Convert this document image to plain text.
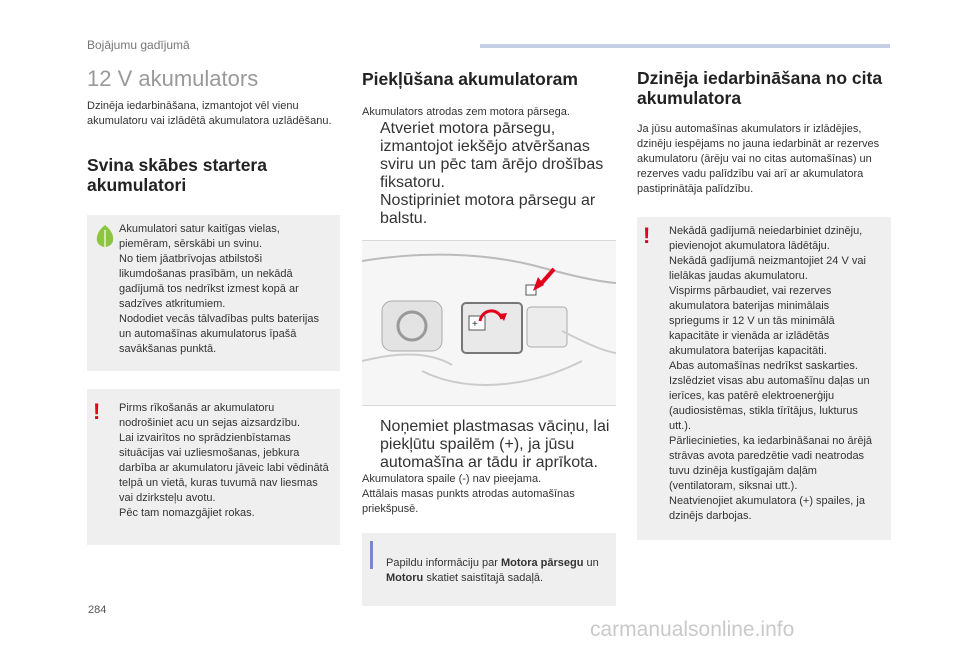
Bojājumu gadījumā
12 V akumulators

Dzinēja iedarbināšana, izmantojot vēl vienu akumulatoru vai izlādētā akumulatora uzlādēšanu.

Svina skābes startera akumulatori
Akumulatori satur kaitīgas vielas, piemēram, sērskābi un svinu.
No tiem jāatbrīvojas atbilstoši likumdošanas prasībām, un nekādā gadījumā tos nedrīkst izmest kopā ar sadzīves atkritumiem.
Nododiet vecās tālvadības pults baterijas un automašīnas akumulatorus īpašā savākšanas punktā.
!	Pirms rīkošanās ar akumulatoru nodrošiniet acu un sejas aizsardzību.
Lai izvairītos no sprādzienbīstamas situācijas vai uzliesmošanas, jebkura darbība ar akumulatoru jāveic labi vēdinātā telpā un vietā, kuras tuvumā nav liesmas vai dzirksteļu avotu.
Pēc tam nomazgājiet rokas.
Piekļūšana akumulatoram

Akumulators atrodas zem motora pārsega.

Atveriet motora pārsegu, izmantojot iekšējo atvēršanas sviru un pēc tam ārējo drošības fiksatoru.
Nostipriniet motora pārsegu ar balstu.
+
Noņemiet plastmasas vāciņu, lai piekļūtu spailēm (+), ja jūsu automašīna ar tādu ir aprīkota.

Akumulatora spaile (-) nav pieejama.

Attālais masas punkts atrodas automašīnas priekšpusē.

Papildu informāciju par Motora pārsegu un Motoru skatiet saistītajā sadaļā.

Dzinēja iedarbināšana no cita akumulatora

Ja jūsu automašīnas akumulators ir izlādējies, dzinēju iespējams no jauna iedarbināt ar rezerves akumulatoru (ārēju vai no citas automašīnas) un rezerves vadu palīdzību vai arī ar akumulatora pastiprinātāja palīdzību.

!	Nekādā gadījumā neiedarbiniet dzinēju, pievienojot akumulatora lādētāju.
Nekādā gadījumā neizmantojiet 24 V vai lielākas jaudas akumulatoru.
Vispirms pārbaudiet, vai rezerves akumulatora baterijas minimālais spriegums ir 12 V un tās minimālā kapacitāte ir vienāda ar izlādētās akumulatora baterijas kapacitāti.
Abas automašīnas nedrīkst saskarties.
Izslēdziet visas abu automašīnu daļas un ierīces, kas patērē elektroenerģiju (audiosistēmas, stikla tīrītājus, lukturus utt.).
Pārliecinieties, ka iedarbināšanai no ārējā strāvas avota paredzētie vadi neatrodas tuvu dzinēja kustīgajām daļām (ventilatoram, siksnai utt.).
Neatvienojiet akumulatora (+) spailes, ja dzinējs darbojas.
284
carmanualsonline.info
